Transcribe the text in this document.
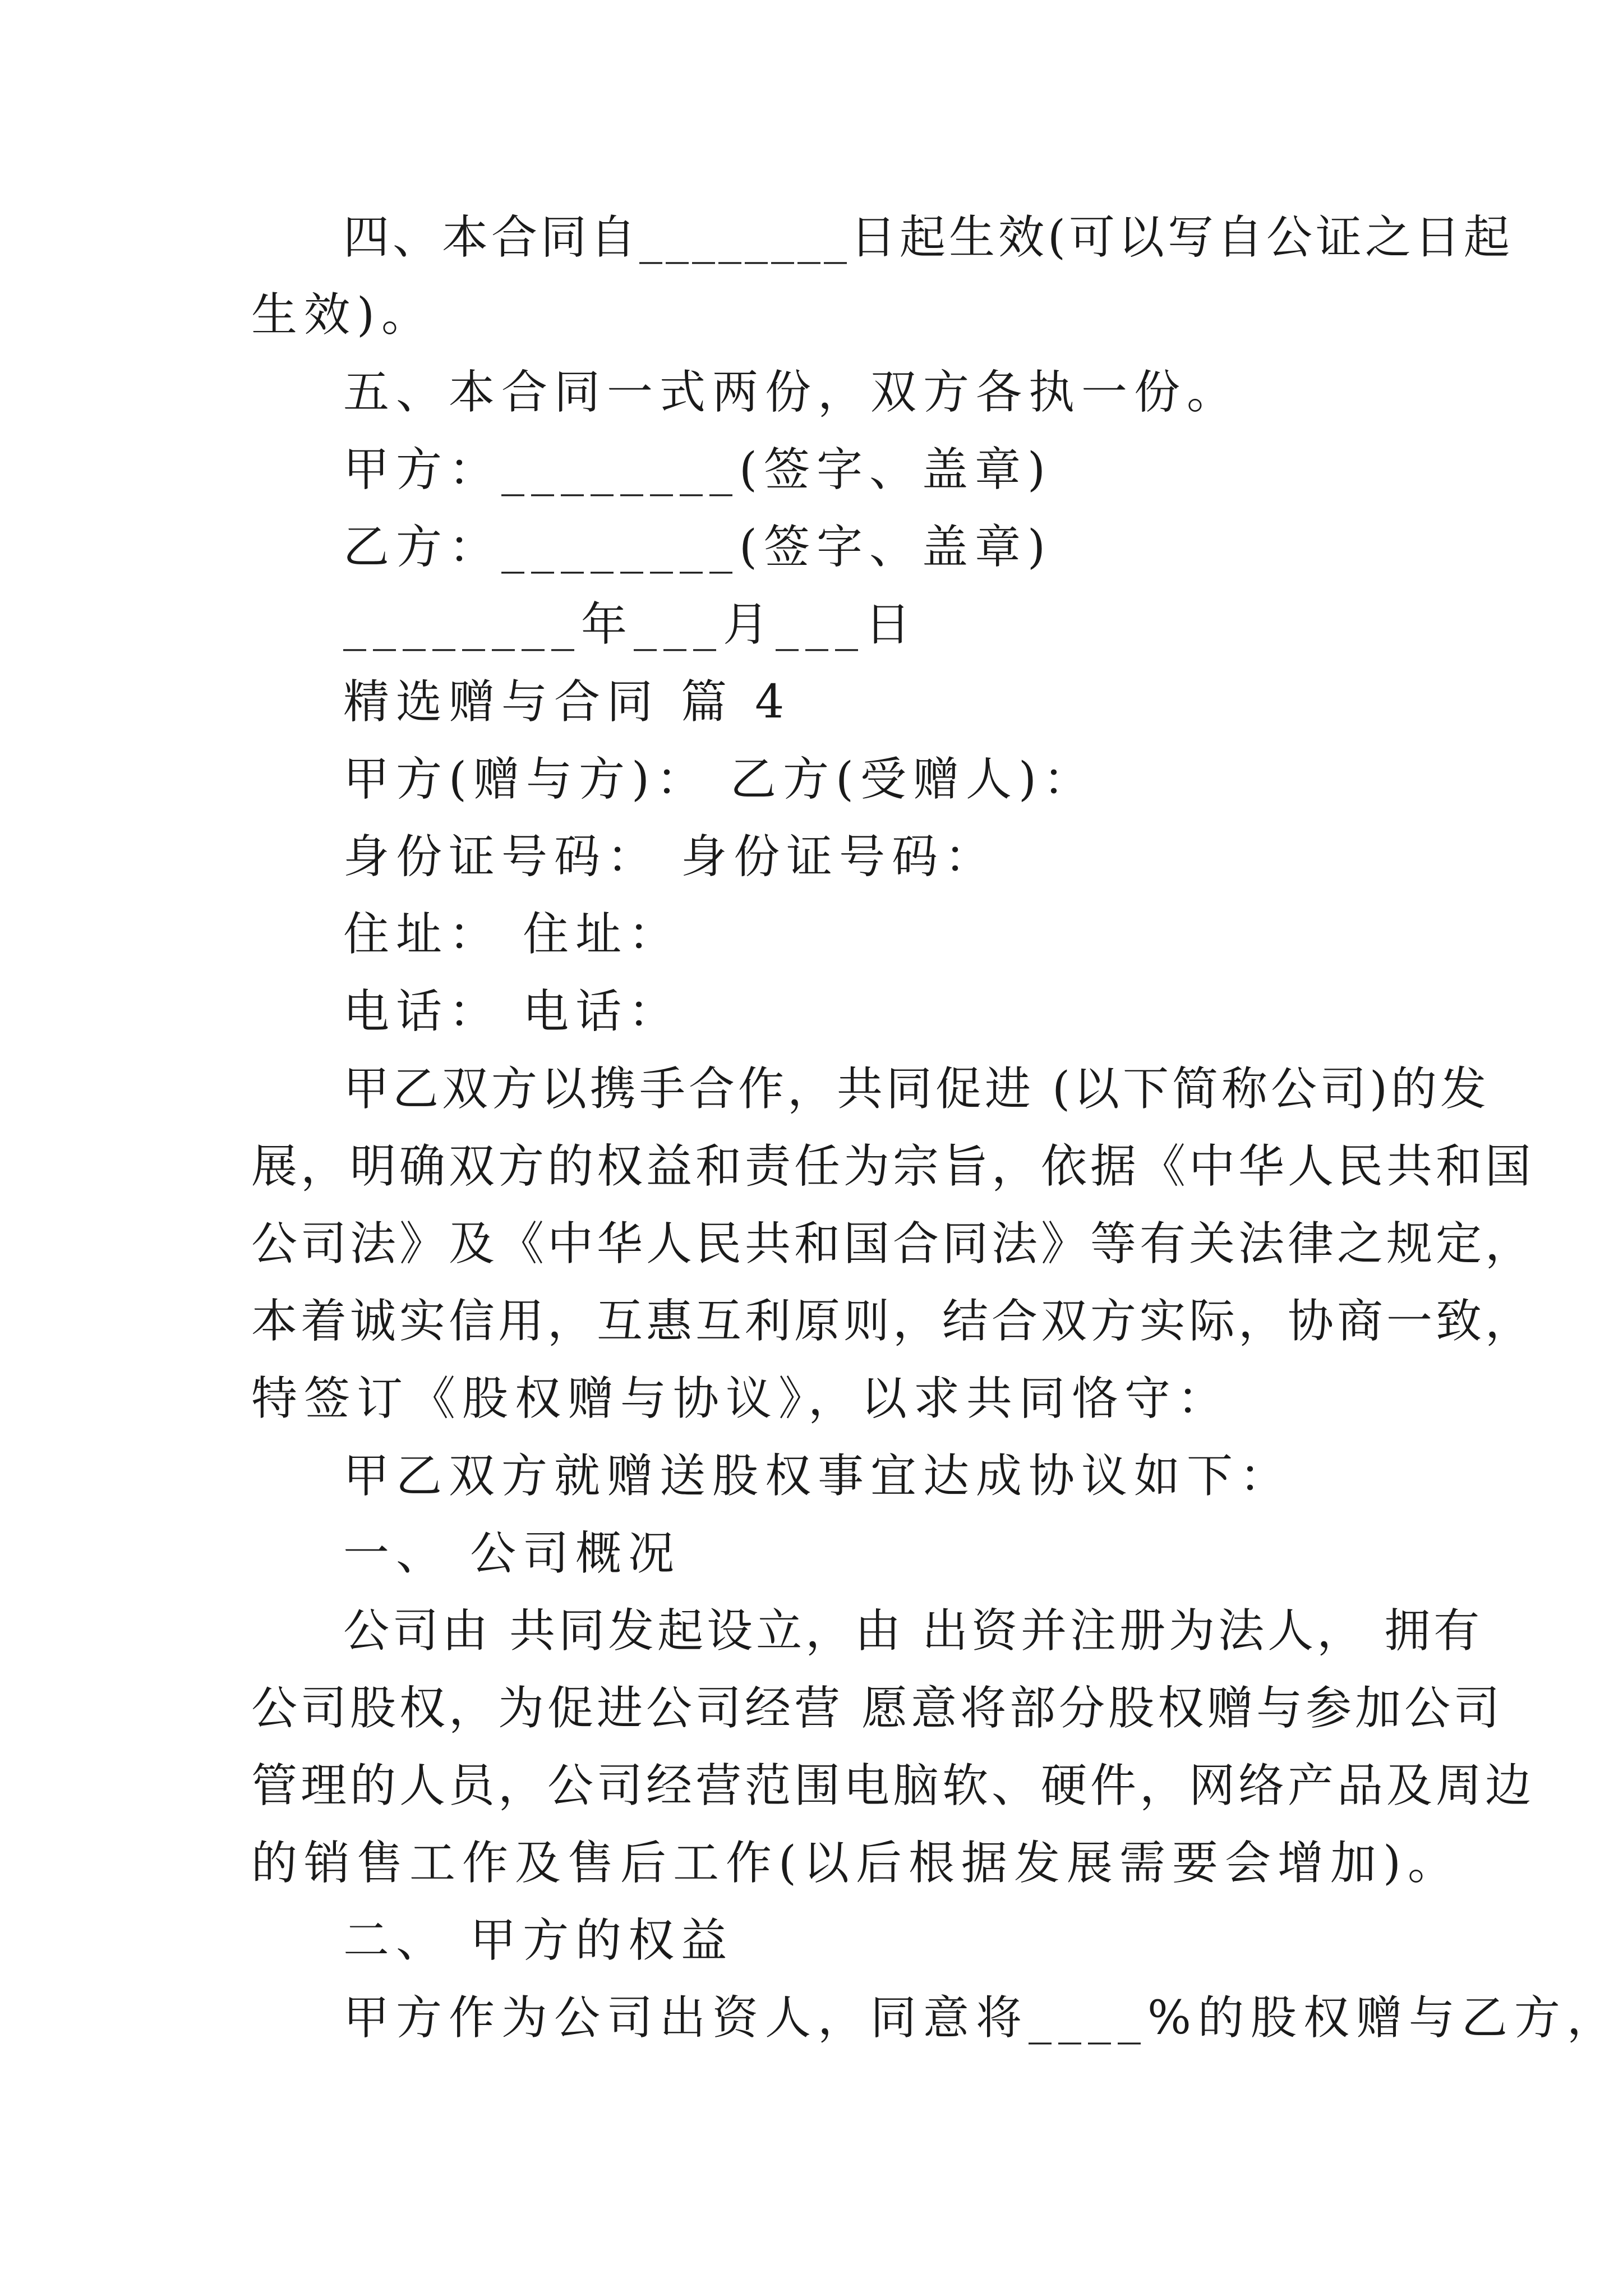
四、本合同自________日起生效(可以写自公证之日起
生效)。
五、本合同一式两份，双方各执一份。
甲方：________(签字、盖章)
乙方：________(签字、盖章)
________年___月___日
精选赠与合同 篇 4
甲方(赠与方)： 乙方(受赠人)：
身份证号码： 身份证号码：
住址： 住址：
电话： 电话：
甲乙双方以携手合作，共同促进 (以下简称公司)的发
展，明确双方的权益和责任为宗旨，依据《中华人民共和国
公司法》及《中华人民共和国合同法》等有关法律之规定，
本着诚实信用，互惠互利原则，结合双方实际，协商一致，
特签订《股权赠与协议》，以求共同恪守：
甲乙双方就赠送股权事宜达成协议如下：
一、 公司概况
公司由 共同发起设立，由 出资并注册为法人， 拥有
公司股权，为促进公司经营 愿意将部分股权赠与参加公司
管理的人员，公司经营范围电脑软、硬件，网络产品及周边
的销售工作及售后工作(以后根据发展需要会增加)。
二、 甲方的权益
甲方作为公司出资人，同意将____%的股权赠与乙方，
